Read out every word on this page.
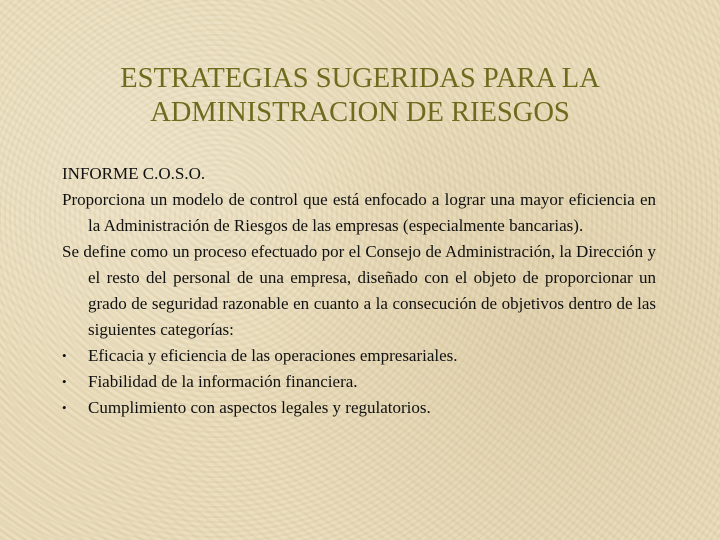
ESTRATEGIAS SUGERIDAS PARA LA
ADMINISTRACION DE RIESGOS

INFORME C.O.S.O.

Proporciona un modelo de control que está enfocado a lograr una mayor eficiencia en la Administración de Riesgos de las empresas (especialmente bancarias).

Se define como un proceso efectuado por el Consejo de Administración, la Dirección y el resto del personal de una empresa, diseñado con el objeto de proporcionar un grado de seguridad razonable en cuanto a la consecución de objetivos dentro de las siguientes categorías:

•	Eficacia y eficiencia de las operaciones empresariales.
•	Fiabilidad de la información financiera.
•	Cumplimiento con aspectos legales y regulatorios.
